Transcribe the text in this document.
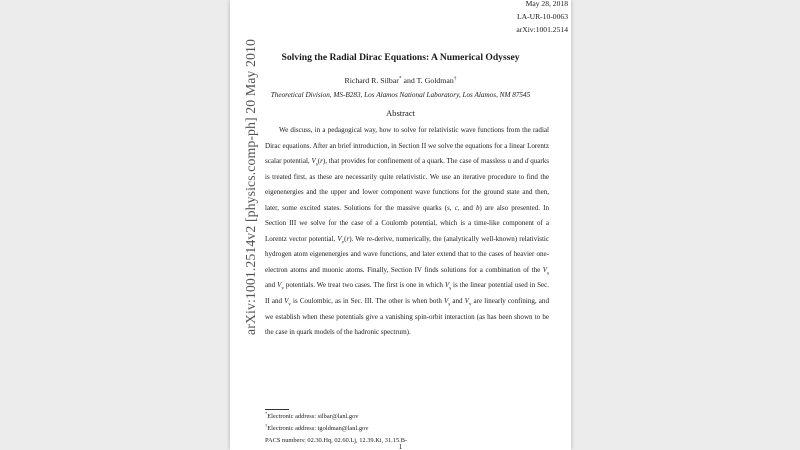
arXiv:1001.2514v2 [physics.comp-ph] 20 May 2010
May 28, 2018
LA-UR-10-0063
arXiv:1001.2514
Solving the Radial Dirac Equations: A Numerical Odyssey
Richard R. Silbar* and T. Goldman†
Theoretical Division, MS-B283, Los Alamos National Laboratory, Los Alamos, NM 87545
Abstract

We discuss, in a pedagogical way, how to solve for relativistic wave functions from the radial Dirac equations. After an brief introduction, in Section II we solve the equations for a linear Lorentz scalar potential, $V_s(r)$, that provides for confinement of a quark. The case of massless u and d quarks is treated first, as these are necessarily quite relativistic. We use an iterative procedure to find the eigenenergies and the upper and lower component wave functions for the ground state and then, later, some excited states. Solutions for the massive quarks (s, c, and b) are also presented. In Section III we solve for the case of a Coulomb potential, which is a time-like component of a Lorentz vector potential, $V_v(r)$. We re-derive, numerically, the (analytically well-known) relativistic hydrogen atom eigenenergies and wave functions, and later extend that to the cases of heavier one-electron atoms and muonic atoms. Finally, Section IV finds solutions for a combination of the $V_s$ and $V_v$ potentials. We treat two cases. The first is one in which $V_s$ is the linear potential used in Sec. II and $V_v$ is Coulombic, as in Sec. III. The other is when both $V_s$ and $V_v$ are linearly confining, and we establish when these potentials give a vanishing spin-orbit interaction (as has been shown to be the case in quark models of the hadronic spectrum).

PACS numbers: 02.30.Hq, 02.60.Lj, 12.39.Ki, 31.15.B-
*Electronic address: silbar@lanl.gov
†Electronic address: tgoldman@lanl.gov
1
